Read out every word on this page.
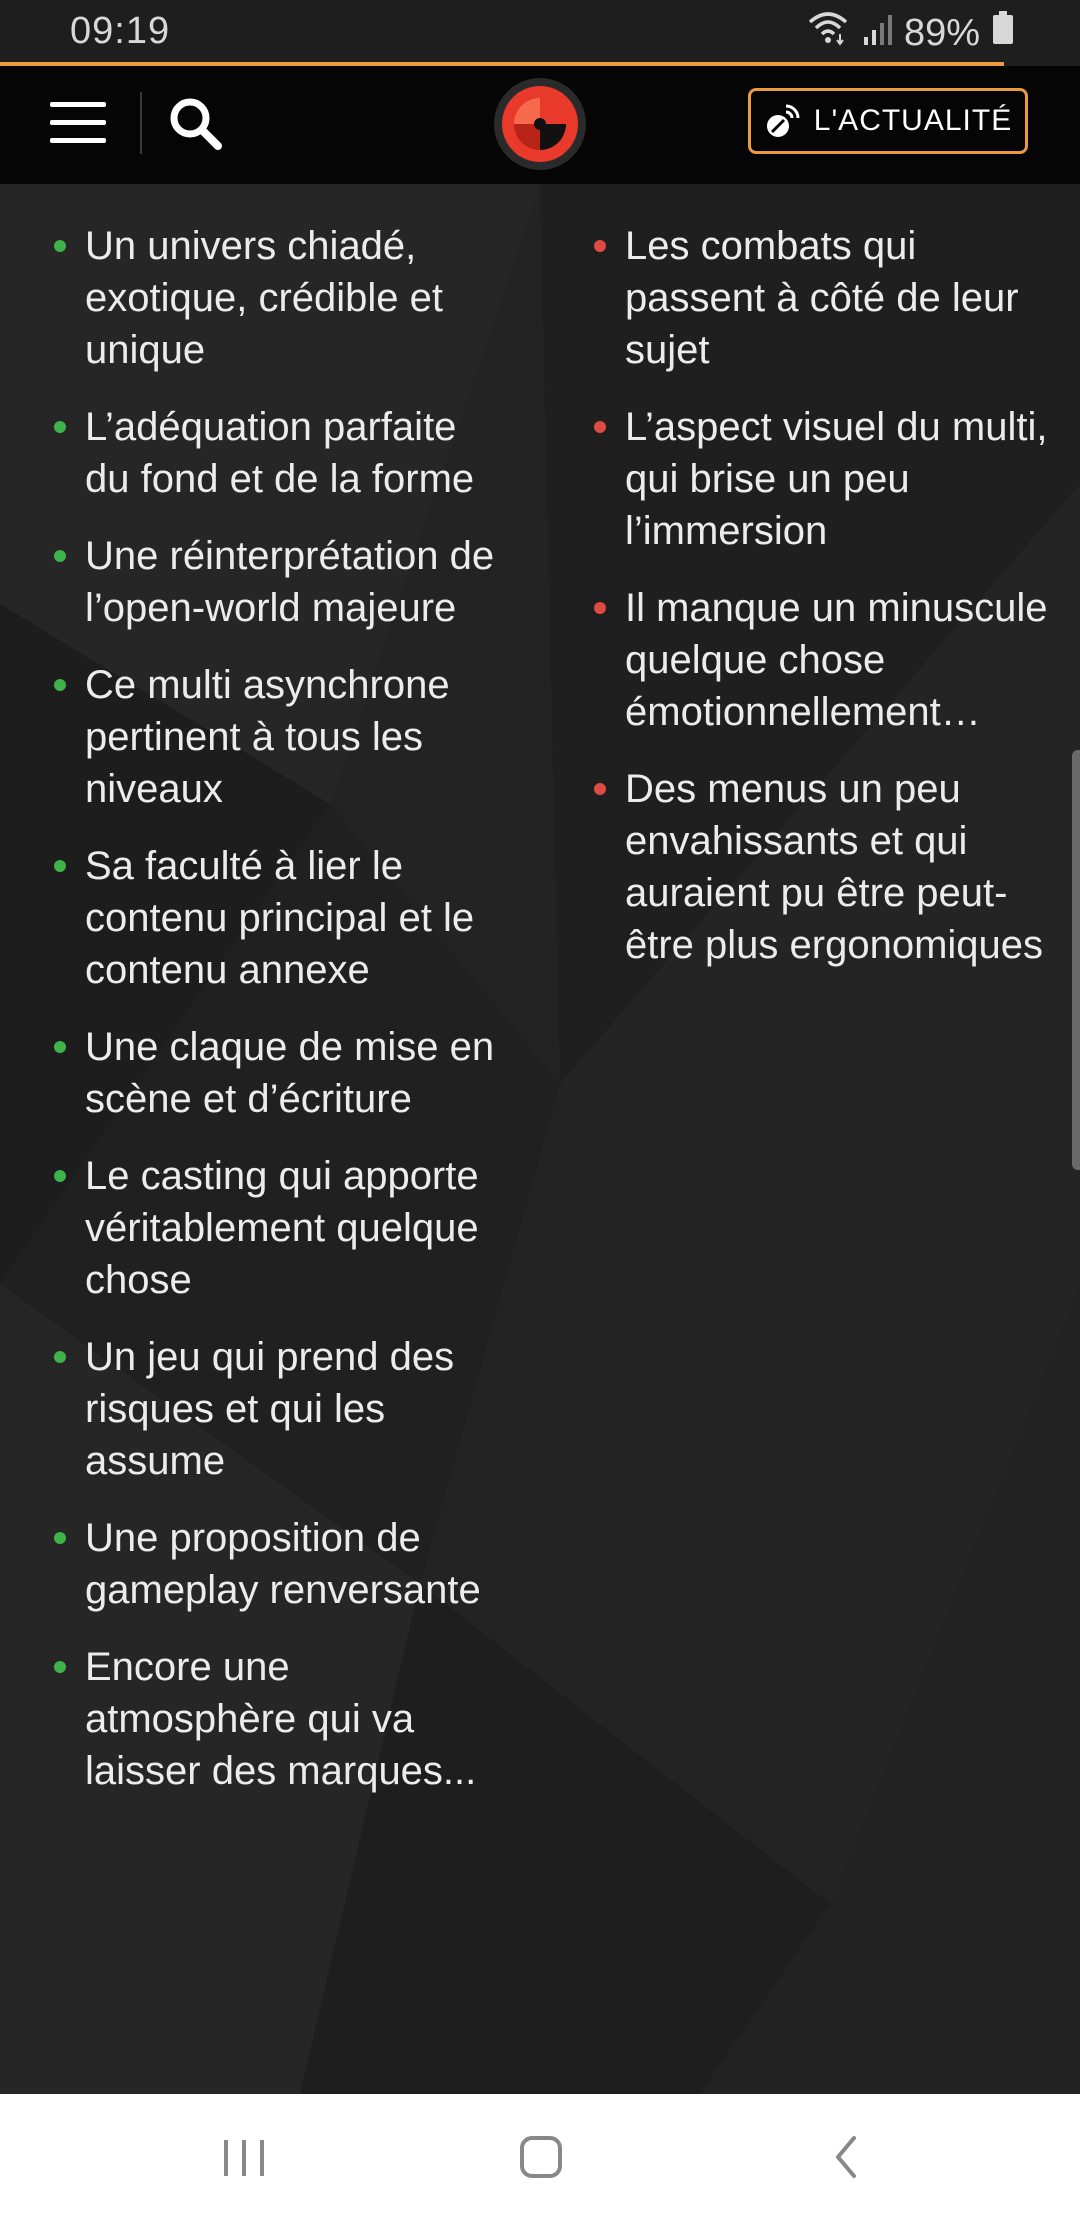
09:19	89%
L'ACTUALITÉ
Un univers chiadé, exotique, crédible et unique
L’adéquation parfaite du fond et de la forme
Une réinterprétation de l’open-world majeure
Ce multi asynchrone pertinent à tous les niveaux
Sa faculté à lier le contenu principal et le contenu annexe
Une claque de mise en scène et d’écriture
Le casting qui apporte véritablement quelque chose
Un jeu qui prend des risques et qui les assume
Une proposition de gameplay renversante
Encore une atmosphère qui va laisser des marques...
Les combats qui passent à côté de leur sujet
L’aspect visuel du multi, qui brise un peu l’immersion
Il manque un minuscule quelque chose émotionnellement…
Des menus un peu envahissants et qui auraient pu être peut-être plus ergonomiques
